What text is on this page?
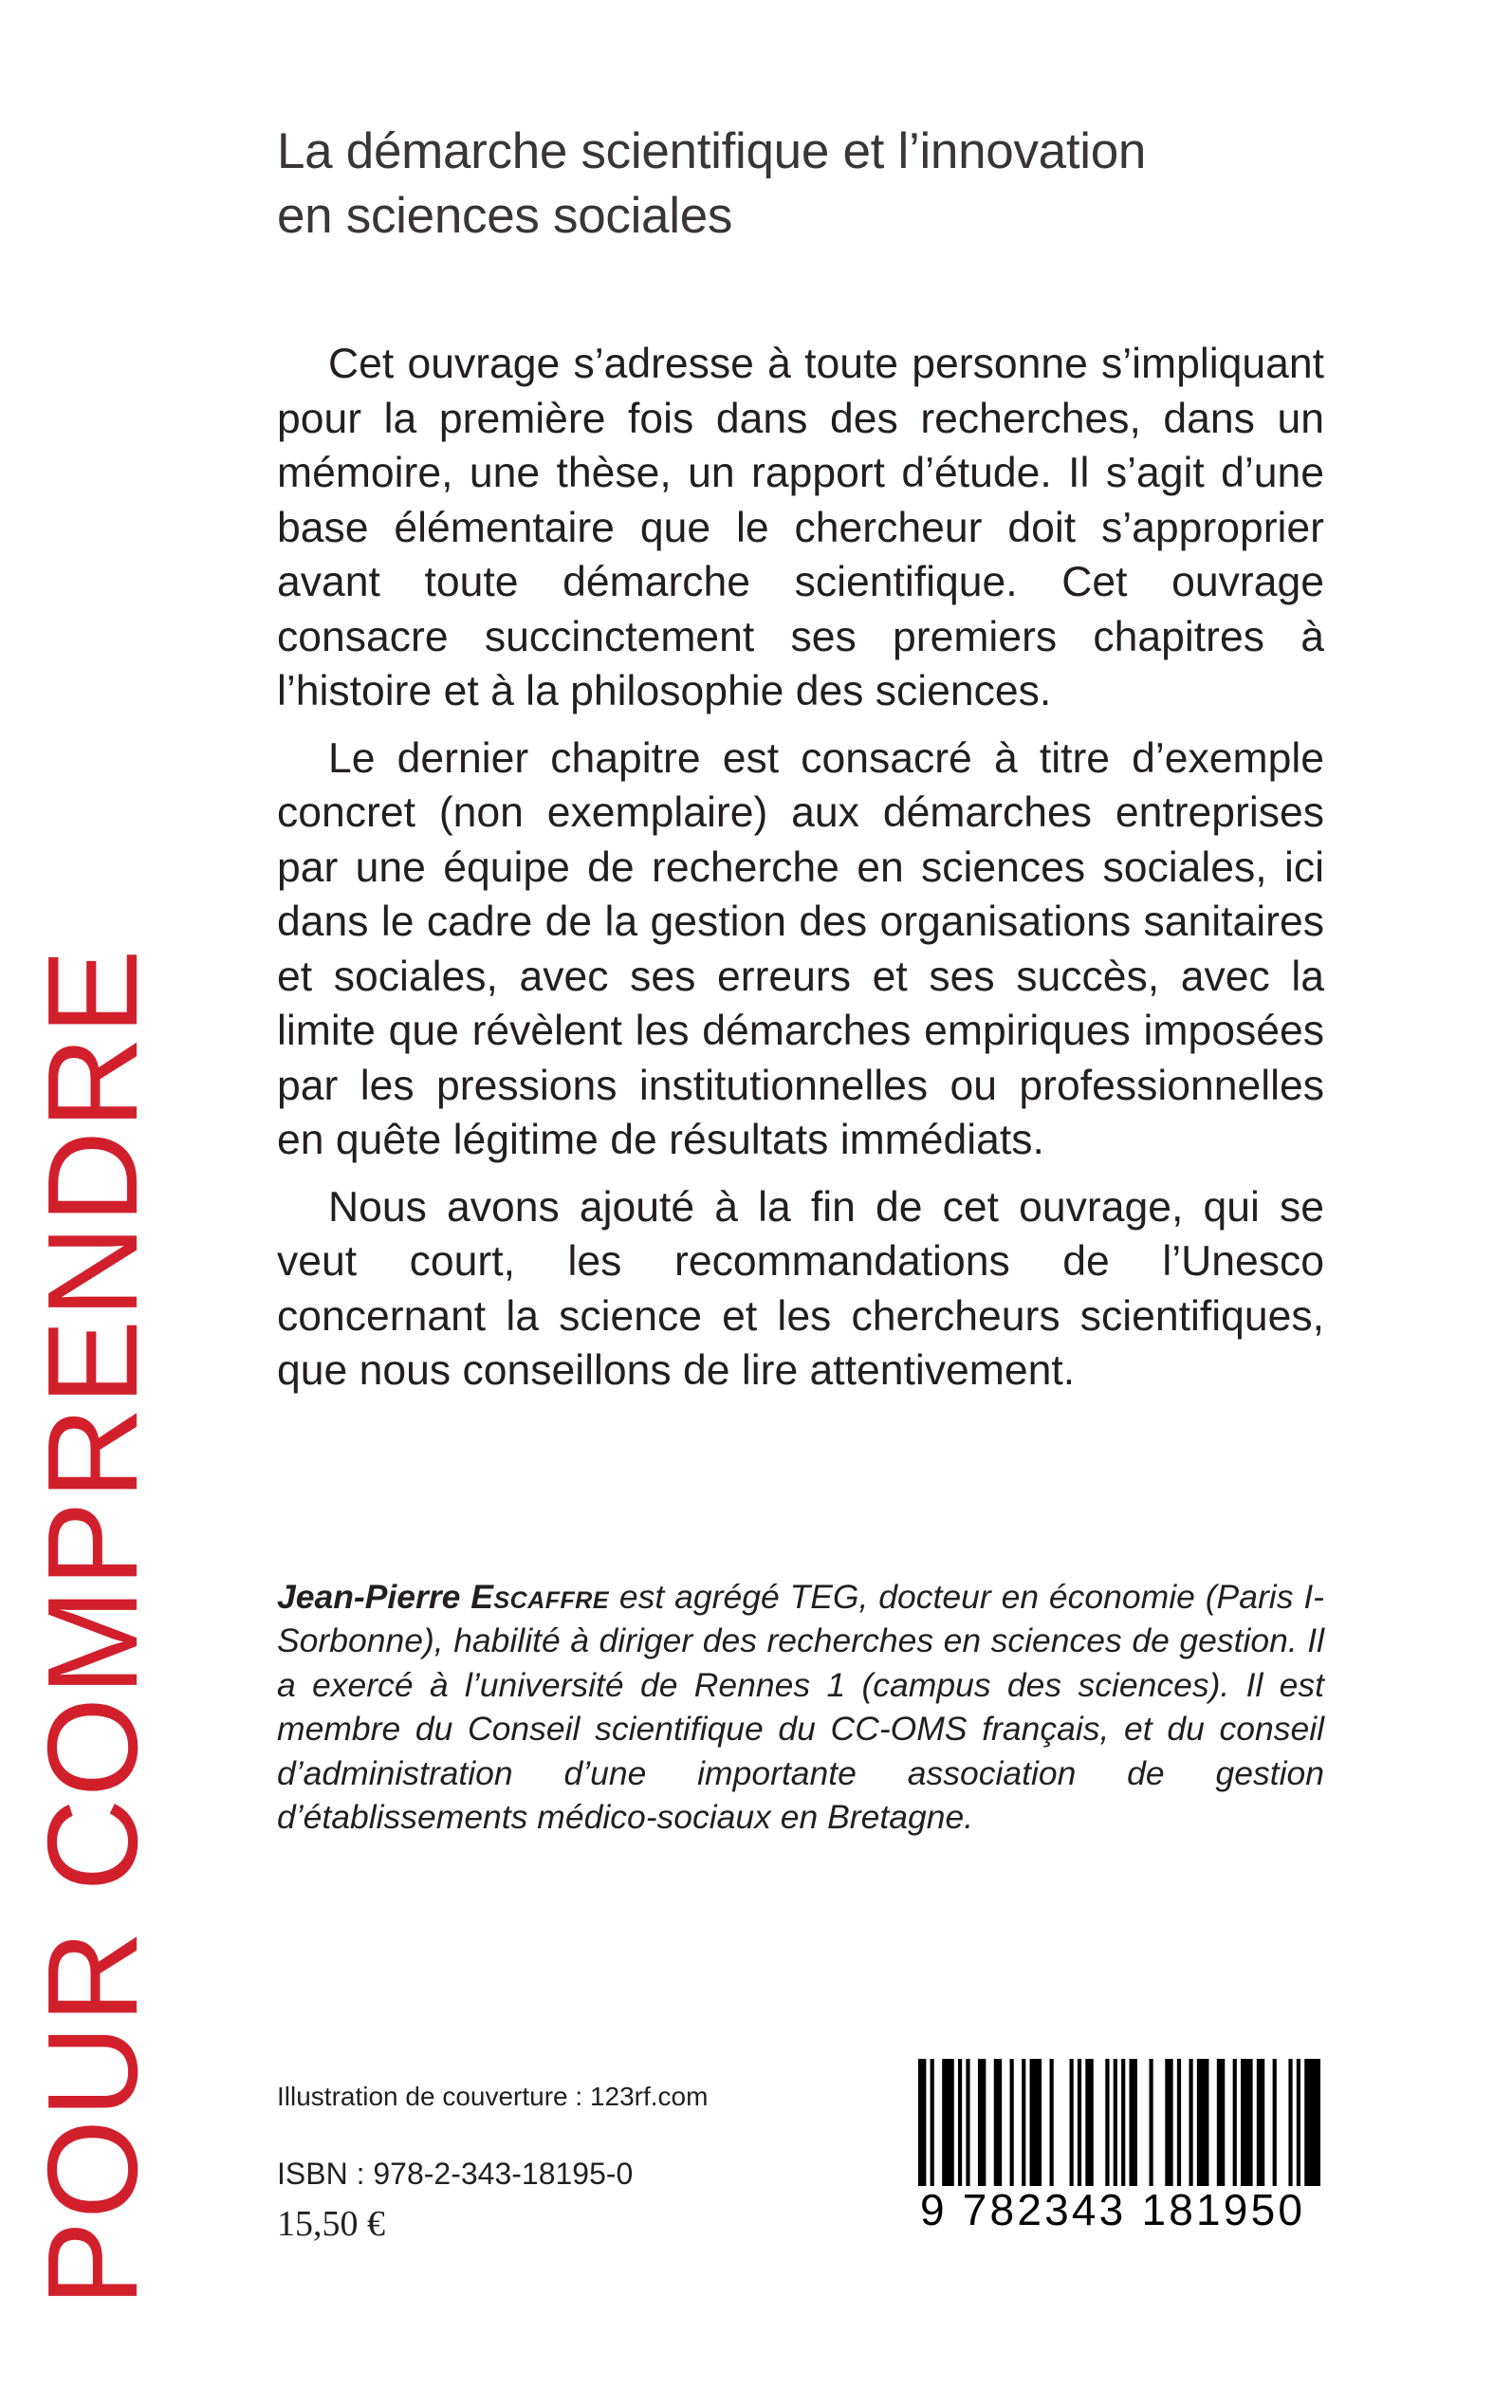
La démarche scientifique et l’innovation
en sciences sociales

Cet ouvrage s’adresse à toute personne s’impliquant pour la première fois dans des recherches, dans un mémoire, une thèse, un rapport d’étude. Il s’agit d’une base élémentaire que le chercheur doit s’approprier avant toute démarche scientifique. Cet ouvrage consacre succinctement ses premiers chapitres à l’histoire et à la philosophie des sciences.

Le dernier chapitre est consacré à titre d’exemple concret (non exemplaire) aux démarches entreprises par une équipe de recherche en sciences sociales, ici dans le cadre de la gestion des organisations sanitaires et sociales, avec ses erreurs et ses succès, avec la limite que révèlent les démarches empiriques imposées par les pressions institutionnelles ou professionnelles en quête légitime de résultats immédiats.

Nous avons ajouté à la fin de cet ouvrage, qui se veut court, les recommandations de l’Unesco concernant la science et les chercheurs scientifiques, que nous conseillons de lire attentivement.

Jean-Pierre Escaffre est agrégé TEG, docteur en économie (Paris I-Sorbonne), habilité à diriger des recherches en sciences de gestion. Il a exercé à l’université de Rennes 1 (campus des sciences). Il est membre du Conseil scientifique du CC-OMS français, et du conseil d’administration d’une importante association de gestion d’établissements médico-sociaux en Bretagne.

POUR COMPRENDRE	Illustration de couverture : 123rf.com
ISBN : 978-2-343-18195-0
15,50 €	9 782343 181950
